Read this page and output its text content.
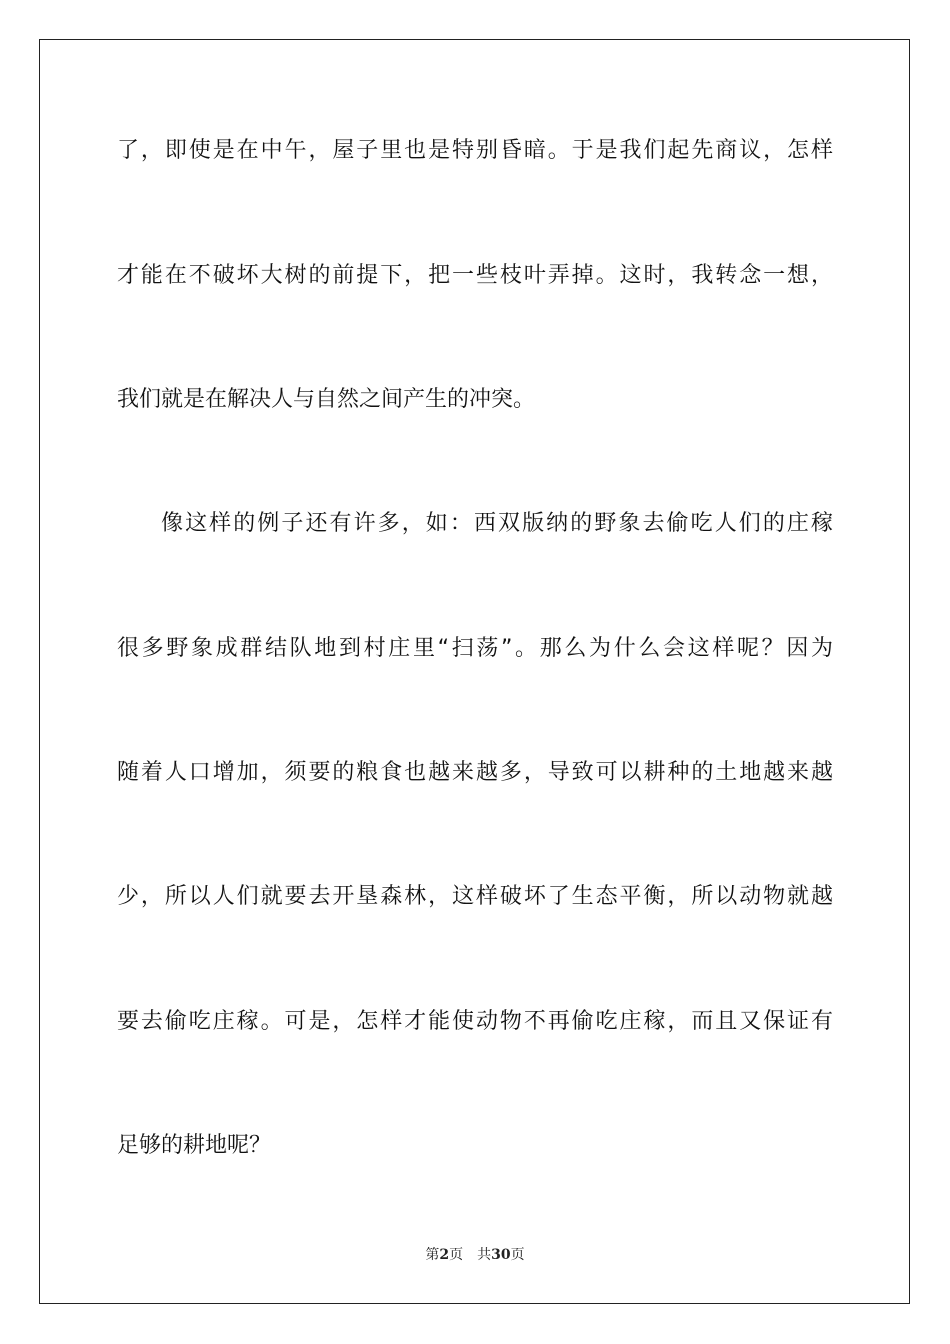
了，即使是在中午，屋子里也是特别昏暗。于是我们起先商议，怎样
才能在不破坏大树的前提下，把一些枝叶弄掉。这时，我转念一想，
我们就是在解决人与自然之间产生的冲突。
像这样的例子还有许多，如：西双版纳的野象去偷吃人们的庄稼
很多野象成群结队地到村庄里“扫荡”。那么为什么会这样呢？因为
随着人口增加，须要的粮食也越来越多，导致可以耕种的土地越来越
少，所以人们就要去开垦森林，这样破坏了生态平衡，所以动物就越
要去偷吃庄稼。可是，怎样才能使动物不再偷吃庄稼，而且又保证有
足够的耕地呢？
第2页 共30页
